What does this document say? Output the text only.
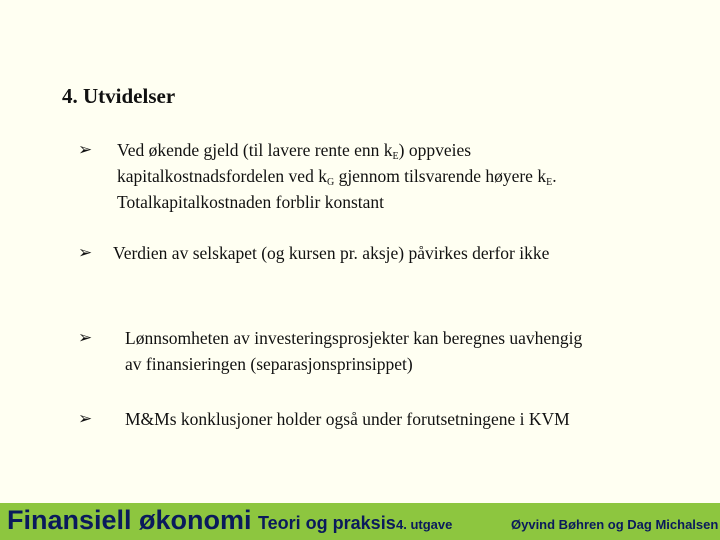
4. Utvidelser
➢ Ved økende gjeld (til lavere rente enn $k_E$) oppveies
kapitalkostnadsfordelen ved $k_G$ gjennom tilsvarende høyere $k_E$.
Totalkapitalkostnaden forblir konstant
➢ Verdien av selskapet (og kursen pr. aksje) påvirkes derfor ikke
➢ Lønnsomheten av investeringsprosjekter kan beregnes uavhengig
av finansieringen (separasjonsprinsippet)
➢ M&Ms konklusjoner holder også under forutsetningene i KVM
Finansiell økonomi Teori og praksis 4. utgave	Øyvind Bøhren og Dag Michalsen
